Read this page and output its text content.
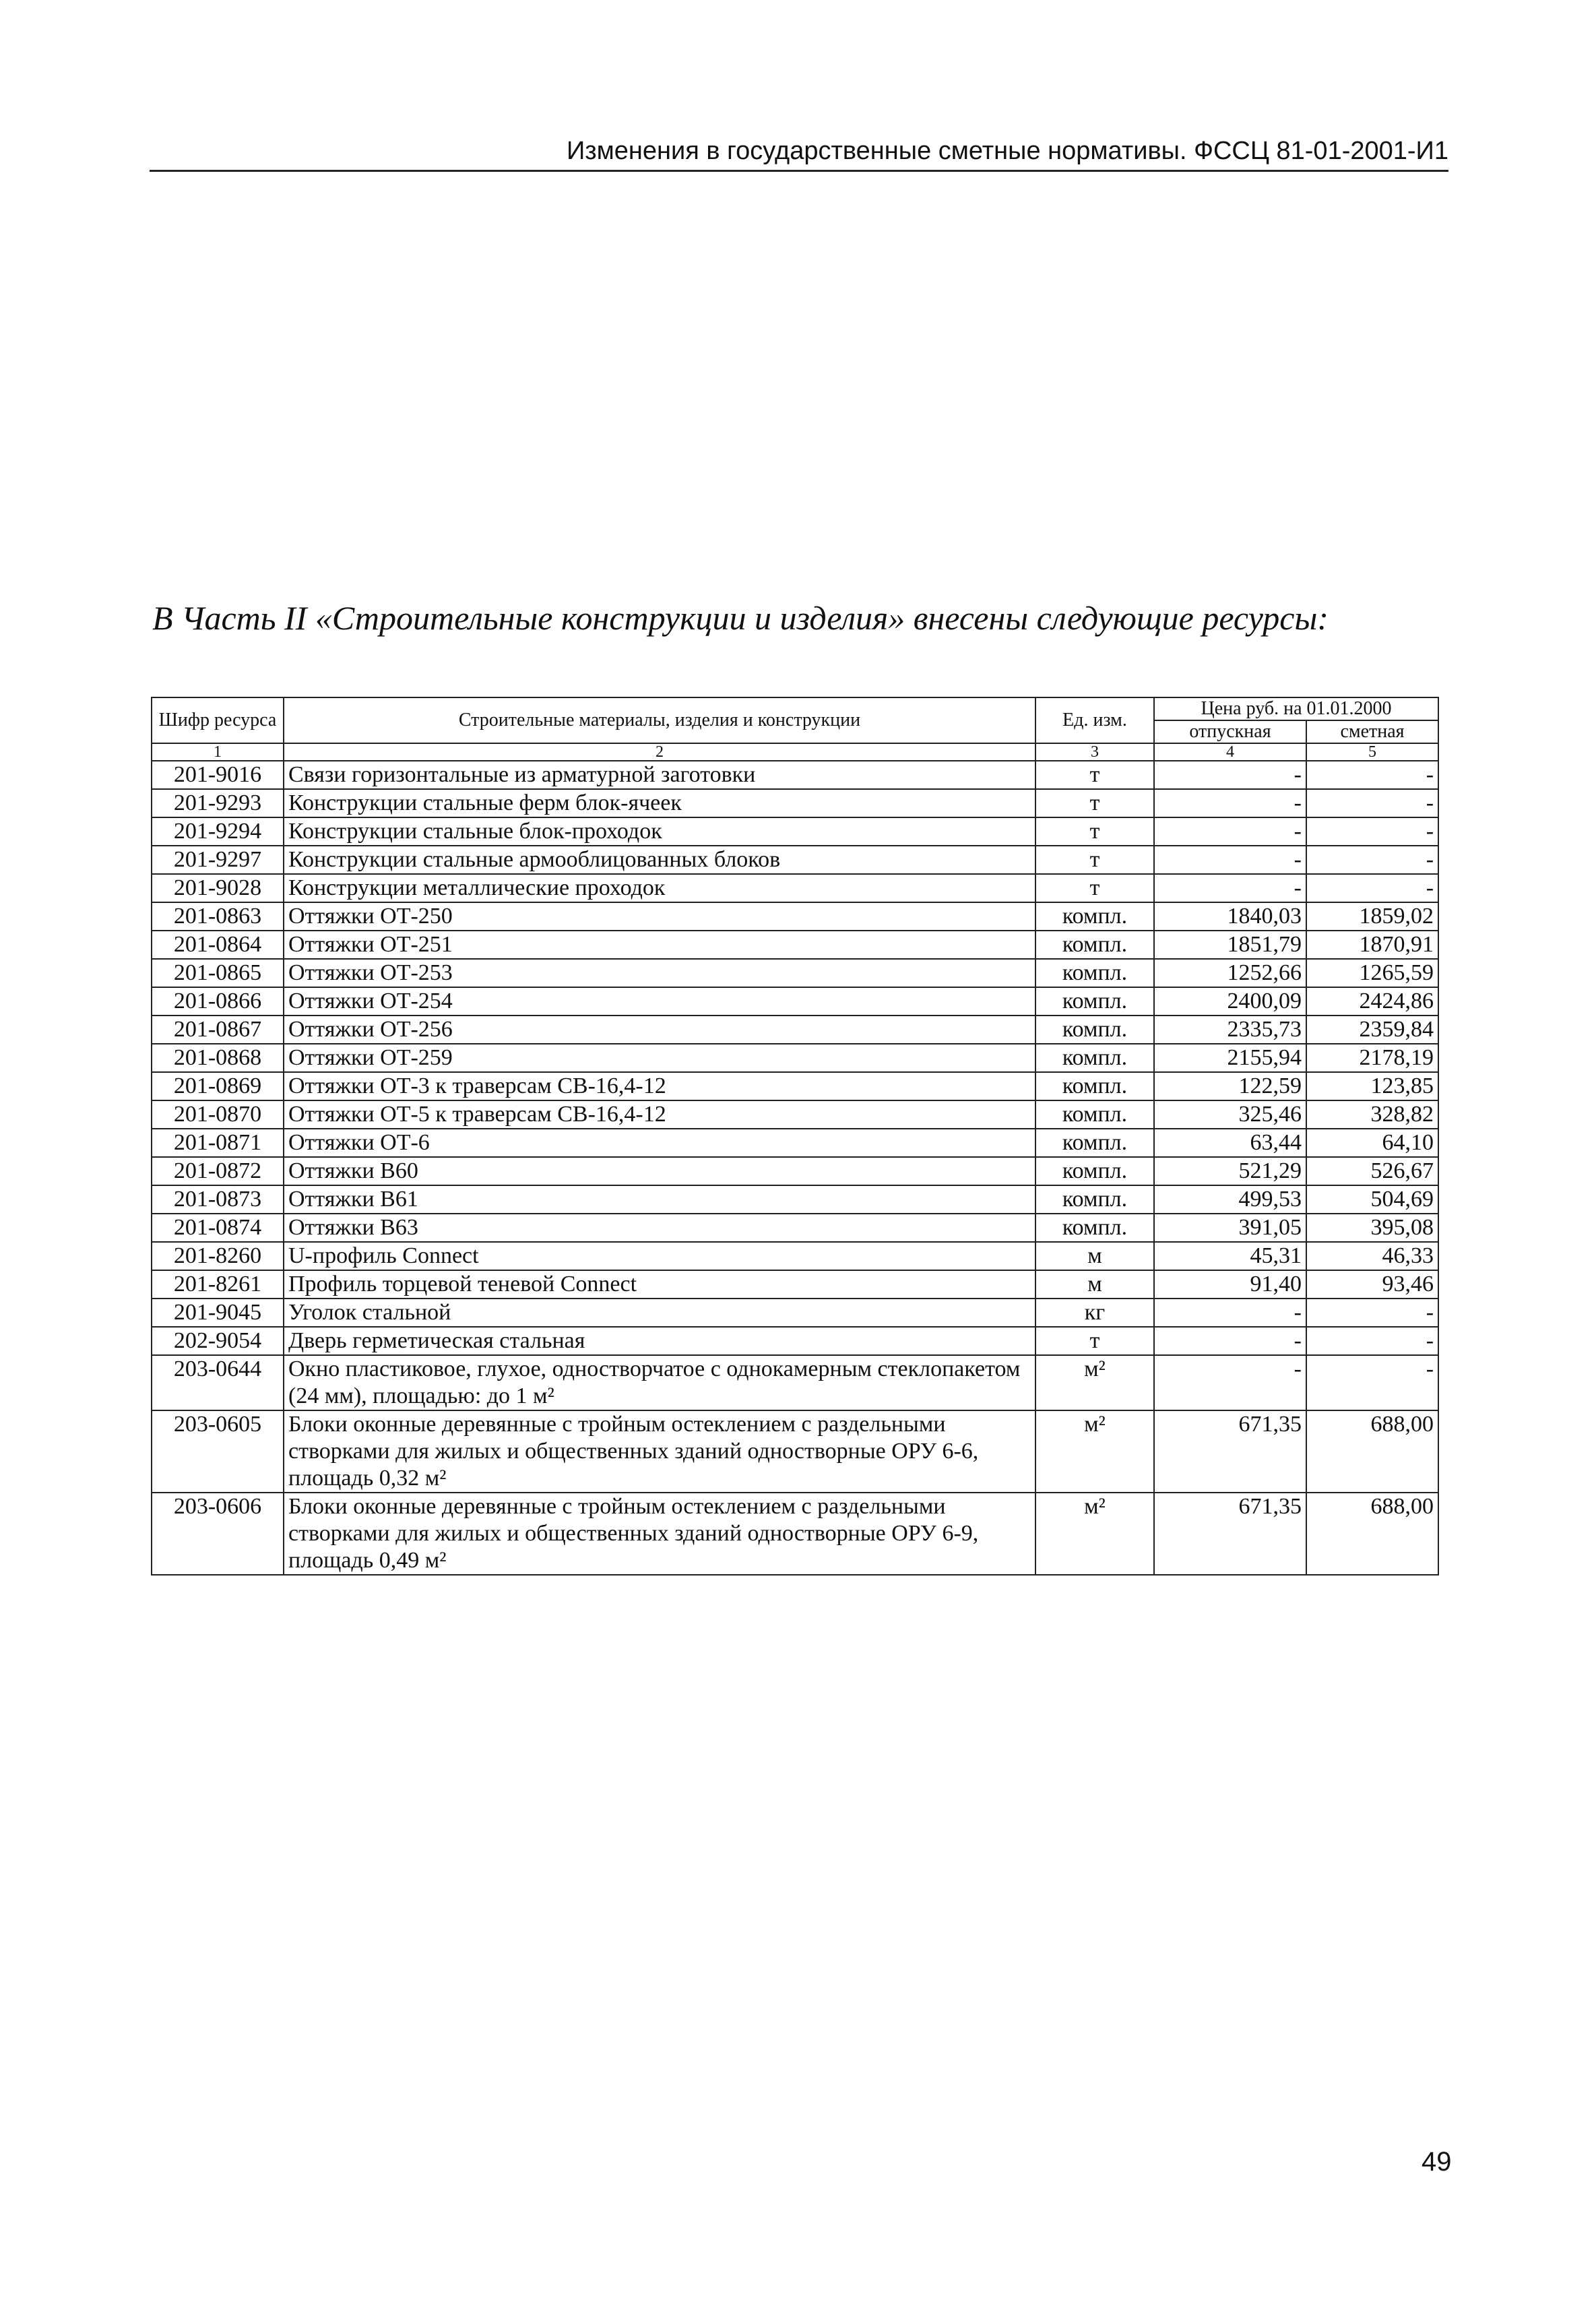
Изменения в государственные сметные нормативы. ФССЦ 81-01-2001-И1
В Часть II «Строительные конструкции и изделия» внесены следующие ресурсы:
Шифр ресурса	Строительные материалы, изделия и конструкции	Ед. изм.	Цена руб. на 01.01.2000	
			отпускная	сметная
1	2	3	4	5
201-9016	Связи горизонтальные из арматурной заготовки	т	-	-
201-9293	Конструкции стальные ферм блок-ячеек	т	-	-
201-9294	Конструкции стальные блок-проходок	т	-	-
201-9297	Конструкции стальные армооблицованных блоков	т	-	-
201-9028	Конструкции металлические проходок	т	-	-
201-0863	Оттяжки ОТ-250	компл.	1840,03	1859,02
201-0864	Оттяжки ОТ-251	компл.	1851,79	1870,91
201-0865	Оттяжки ОТ-253	компл.	1252,66	1265,59
201-0866	Оттяжки ОТ-254	компл.	2400,09	2424,86
201-0867	Оттяжки ОТ-256	компл.	2335,73	2359,84
201-0868	Оттяжки ОТ-259	компл.	2155,94	2178,19
201-0869	Оттяжки ОТ-3 к траверсам СВ-16,4-12	компл.	122,59	123,85
201-0870	Оттяжки ОТ-5 к траверсам СВ-16,4-12	компл.	325,46	328,82
201-0871	Оттяжки ОТ-6	компл.	63,44	64,10
201-0872	Оттяжки В60	компл.	521,29	526,67
201-0873	Оттяжки В61	компл.	499,53	504,69
201-0874	Оттяжки В63	компл.	391,05	395,08
201-8260	U-профиль Connect	м	45,31	46,33
201-8261	Профиль торцевой теневой Connect	м	91,40	93,46
201-9045	Уголок стальной	кг	-	-
202-9054	Дверь герметическая стальная	т	-	-
203-0644	Окно пластиковое, глухое, одностворчатое с однокамерным стеклопакетом (24 мм), площадью: до 1 м²	м²	-	-
203-0605	Блоки оконные деревянные с тройным остеклением с раздельными створками для жилых и общественных зданий одностворные ОРУ 6-6, площадь 0,32 м²	м²	671,35	688,00
203-0606	Блоки оконные деревянные с тройным остеклением с раздельными створками для жилых и общественных зданий одностворные ОРУ 6-9, площадь 0,49 м²	м²	671,35	688,00
49
